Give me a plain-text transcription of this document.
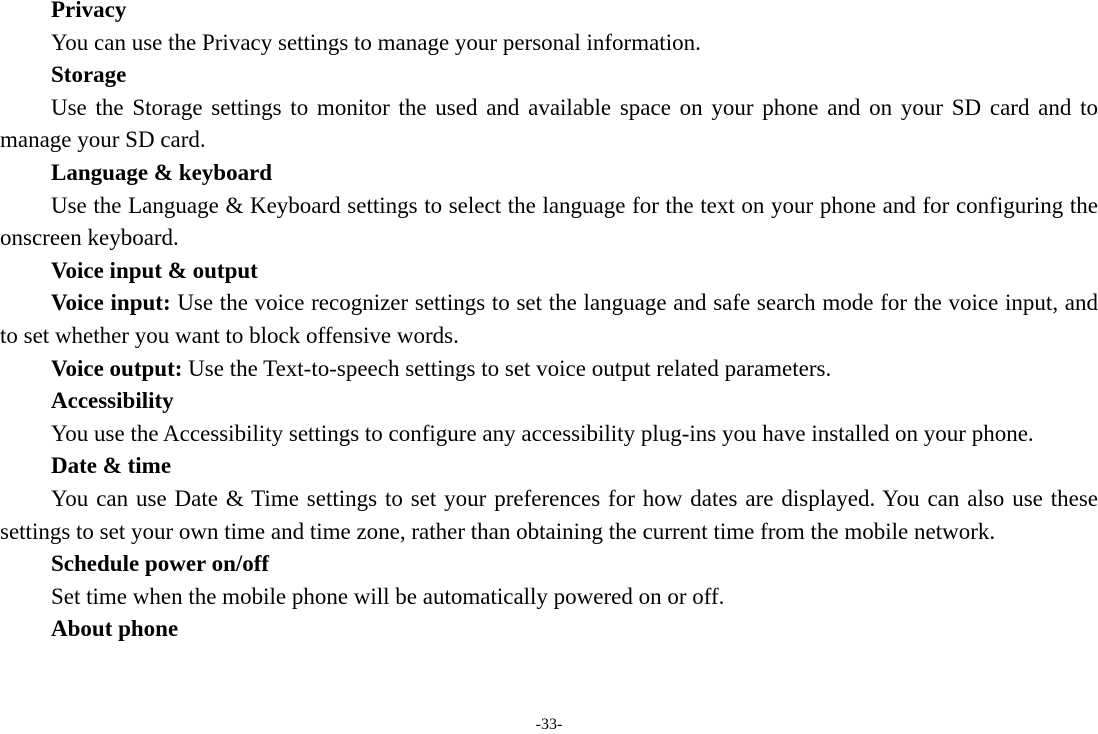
Privacy

You can use the Privacy settings to manage your personal information.

Storage

Use the Storage settings to monitor the used and available space on your phone and on your SD card and to manage your SD card.

Language & keyboard

Use the Language & Keyboard settings to select the language for the text on your phone and for configuring the onscreen keyboard.

Voice input & output

Voice input: Use the voice recognizer settings to set the language and safe search mode for the voice input, and to set whether you want to block offensive words.

Voice output: Use the Text-to-speech settings to set voice output related parameters.

Accessibility

You use the Accessibility settings to configure any accessibility plug-ins you have installed on your phone.

Date & time

You can use Date & Time settings to set your preferences for how dates are displayed. You can also use these settings to set your own time and time zone, rather than obtaining the current time from the mobile network.

Schedule power on/off

Set time when the mobile phone will be automatically powered on or off.

About phone

-33-
